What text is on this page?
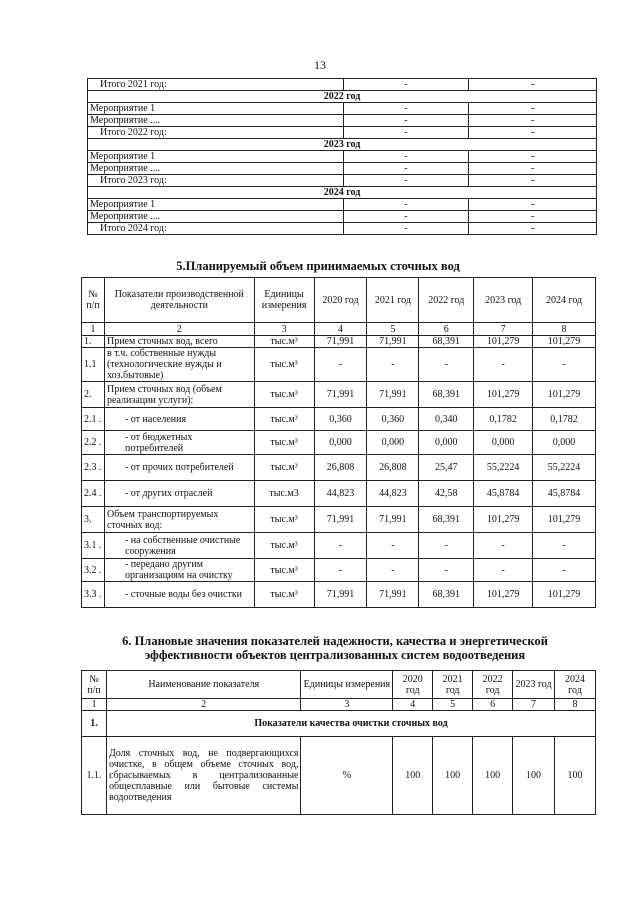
13
Итого 2021 год:	-	-
2022 год		
Мероприятие 1	-	-
Мероприятие ....	-	-
Итого 2022 год:	-	-
2023 год		
Мероприятие 1	-	-
Мероприятие ....	-	-
Итого 2023 год:	-	-
2024 год		
Мероприятие 1	-	-
Мероприятие ....	-	-
Итого 2024 год:	-	-
5.Планируемый объем принимаемых сточных вод
№ п/п	Показатели производственной деятельности	Единицы измерения	2020 год	2021 год	2022 год	2023 год	2024 год
1	2	3	4	5	6	7	8
1.	Прием сточных вод, всего	тыс.м³	71,991	71,991	68,391	101,279	101,279
1.1	в т.ч. собственные нужды (технологические нужды и хоз.бытовые)	тыс.м³	-	-	-	-	-
2.	Прием сточных вод (объем реализации услуги):	тыс.м³	71,991	71,991	68,391	101,279	101,279
2.1 .	- от населения	тыс.м³	0,360	0,360	0,340	0,1782	0,1782
2.2 .	- от бюджетных потребителей	тыс.м³	0,000	0,000	0,000	0,000	0,000
2.3 .	- от прочих потребителей	тыс.м³	26,808	26,808	25,47	55,2224	55,2224
2.4 .	- от других отраслей	тыс.м3	44,823	44,823	42,58	45,8784	45,8784
3.	Объем транспортируемых сточных вод:	тыс.м³	71,991	71,991	68,391	101,279	101,279
3.1 .	- на собственные очистные сооружения	тыс.м³	-	-	-	-	-
3.2 .	- передано другим организациям на очистку	тыс.м³	-	-	-	-	-
3.3 .	- сточные воды без очистки	тыс.м³	71,991	71,991	68,391	101,279	101,279
6. Плановые значения показателей надежности, качества и энергетической
эффективности объектов централизованных систем водоотведения
№ п/п	Наименование показателя	Единицы измерения	2020 год	2021 год	2022 год	2023 год	2024 год
1	2	3	4	5	6	7	8
1.	Показатели качества очистки сточных вод						
1.1.	Доля сточных вод, не подвергающихся очистке, в общем объеме сточных вод, сбрасываемых в централизованные общесплавные или бытовые системы водоотведения	%	100	100	100	100	100
